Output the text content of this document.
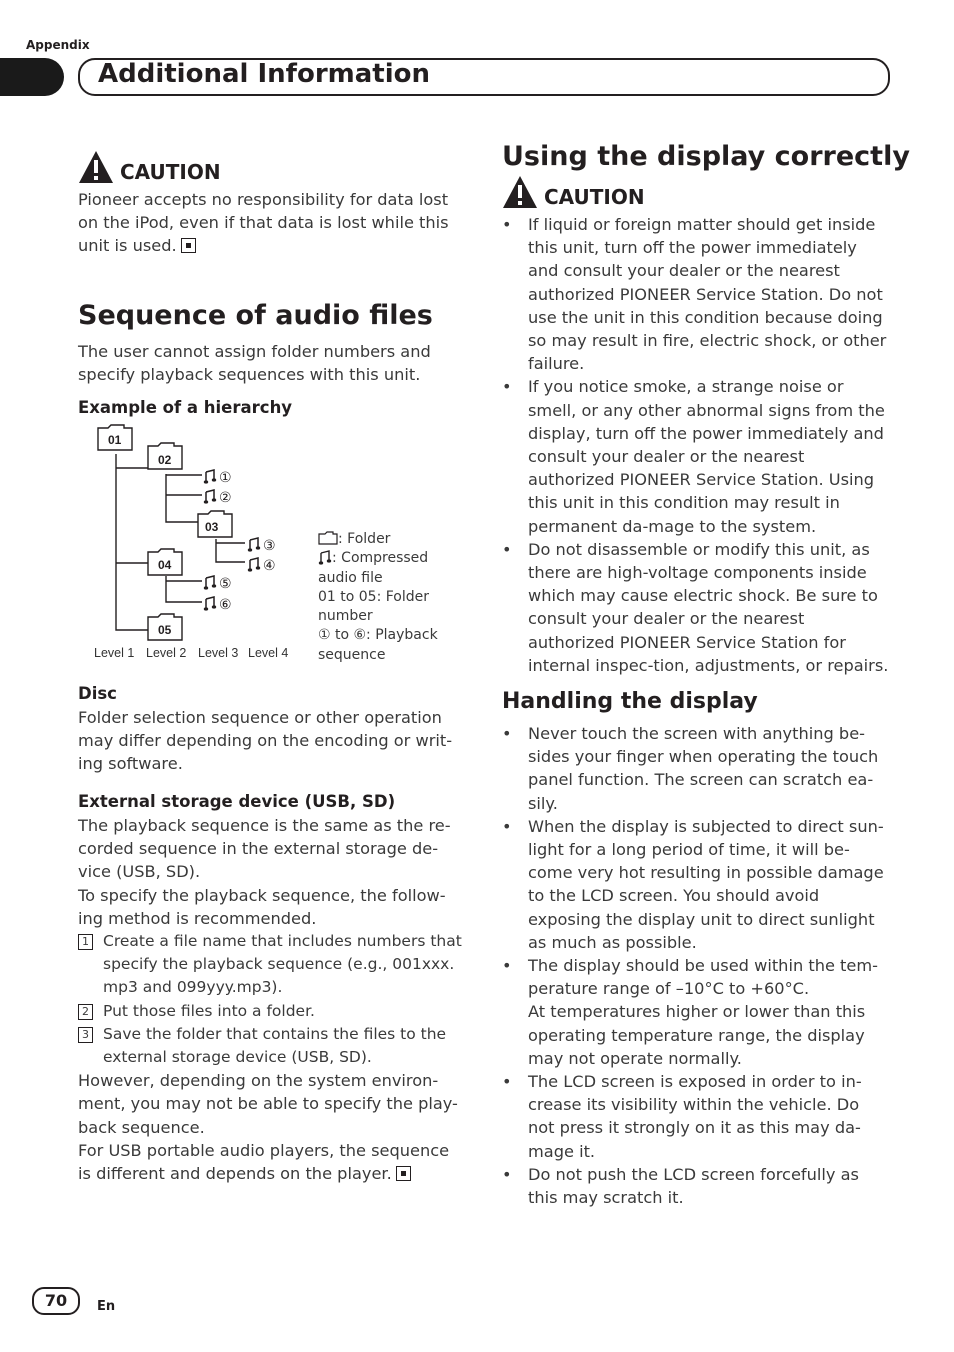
Appendix
Additional Information
CAUTION
Pioneer accepts no responsibility for data lost on the iPod, even if that data is lost while this unit is used.
Sequence of audio files
The user cannot assign folder numbers and specify playback sequences with this unit.
Example of a hierarchy
01
02
03
04
05
①
②
③
④
⑤
⑥
Level 1 Level 2 Level 3 Level 4
: Folder
: Compressed audio file
01 to 05: Folder number
① to ⑥: Playback sequence
Disc
Folder selection sequence or other operation may differ depending on the encoding or writ-ing software.
External storage device (USB, SD)
The playback sequence is the same as the re-corded sequence in the external storage de-vice (USB, SD).
To specify the playback sequence, the follow-ing method is recommended.
1 Create a file name that includes numbers that specify the playback sequence (e.g., 001xxx. mp3 and 099yyy.mp3).
2 Put those files into a folder.
3 Save the folder that contains the files to the external storage device (USB, SD).
However, depending on the system environ-ment, you may not be able to specify the play-back sequence.
For USB portable audio players, the sequence is different and depends on the player.
Using the display correctly
CAUTION
• If liquid or foreign matter should get inside this unit, turn off the power immediately and consult your dealer or the nearest authorized PIONEER Service Station. Do not use the unit in this condition because doing so may result in fire, electric shock, or other failure.
• If you notice smoke, a strange noise or smell, or any other abnormal signs from the display, turn off the power immediately and consult your dealer or the nearest authorized PIONEER Service Station. Using this unit in this condition may result in permanent da-mage to the system.
• Do not disassemble or modify this unit, as there are high-voltage components inside which may cause electric shock. Be sure to consult your dealer or the nearest authorized PIONEER Service Station for internal inspec-tion, adjustments, or repairs.
Handling the display
• Never touch the screen with anything be-sides your finger when operating the touch panel function. The screen can scratch ea-sily.
• When the display is subjected to direct sun-light for a long period of time, it will be-come very hot resulting in possible damage to the LCD screen. You should avoid exposing the display unit to direct sunlight as much as possible.
• The display should be used within the tem-perature range of –10°C to +60°C.
At temperatures higher or lower than this operating temperature range, the display may not operate normally.
• The LCD screen is exposed in order to in-crease its visibility within the vehicle. Do not press it strongly on it as this may da-mage it.
• Do not push the LCD screen forcefully as this may scratch it.
70	En
